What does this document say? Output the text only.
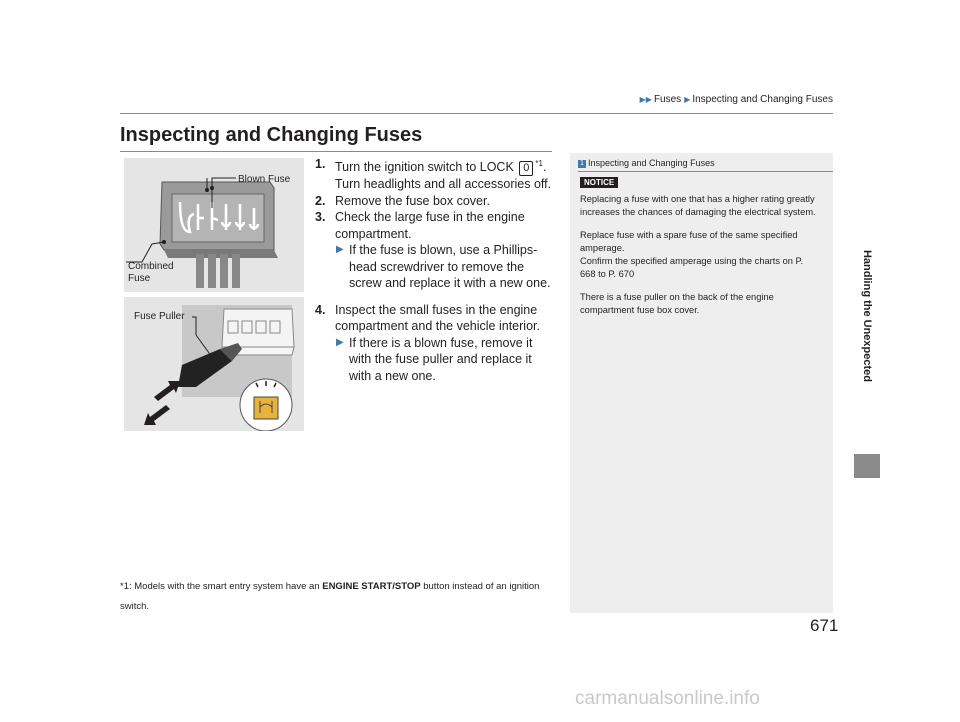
▶▶ Fuses ▶ Inspecting and Changing Fuses
Inspecting and Changing Fuses
Handling the Unexpected
Blown Fuse
Combined
Fuse
Fuse Puller

1. Turn the ignition switch to LOCK 0 $^{*1}$. Turn headlights and all accessories off.

2. Remove the fuse box cover.

3. Check the large fuse in the engine compartment.

▶ If the fuse is blown, use a Phillips-head screwdriver to remove the screw and replace it with a new one.

4. Inspect the small fuses in the engine compartment and the vehicle interior.

▶ If there is a blown fuse, remove it with the fuse puller and replace it with a new one.

1 Inspecting and Changing Fuses
NOTICE

Replacing a fuse with one that has a higher rating greatly increases the chances of damaging the electrical system.

Replace fuse with a spare fuse of the same specified amperage.

Confirm the specified amperage using the charts on P. 668 to P. 670

There is a fuse puller on the back of the engine compartment fuse box cover.

*1: Models with the smart entry system have an ENGINE START/STOP button instead of an ignition switch.
671
carmanualsonline.info
